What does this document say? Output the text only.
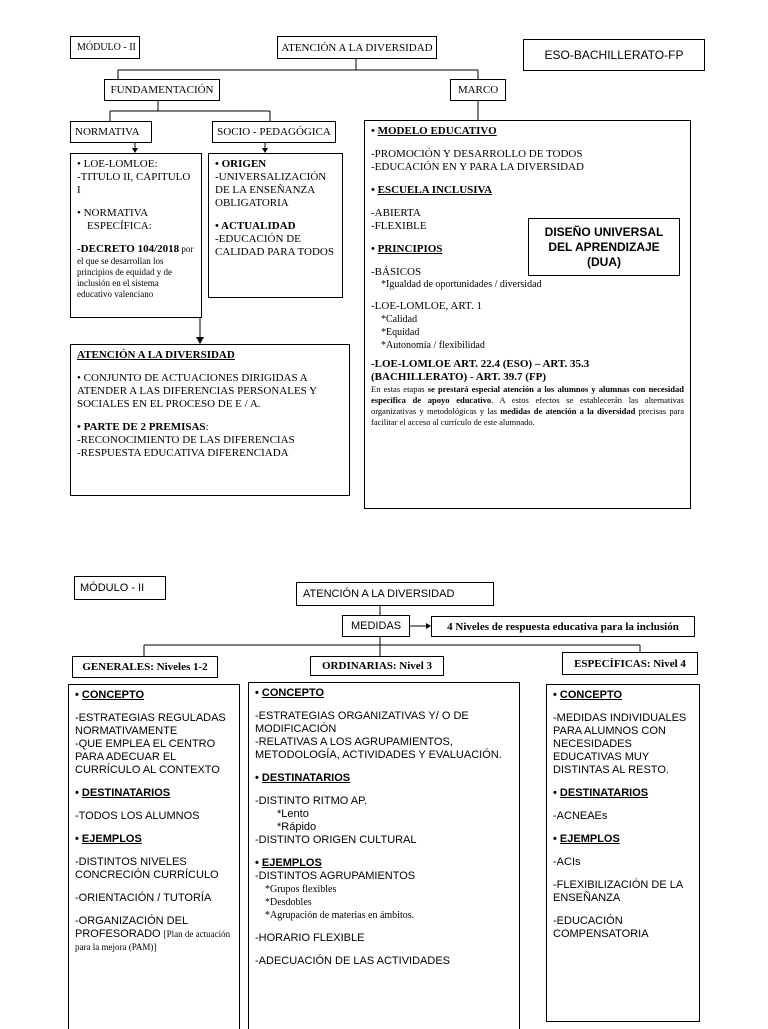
MÓDULO - II	ATENCIÓN A LA DIVERSIDAD	ESO-BACHILLERATO-FP
FUNDAMENTACIÓN	MARCO
NORMATIVA	SOCIO - PEDAGÓGICA
• LOE-LOMLOE:
-TITULO II, CAPITULO I
• NORMATIVA
ESPECÍFICA:
-DECRETO 104/2018 por
el que se desarrollan los principios de equidad y de inclusión en el sistema educativo valenciano
• ORIGEN
-UNIVERSALIZACIÓN DE LA ENSEÑANZA OBLIGATORIA
• ACTUALIDAD
-EDUCACIÓN DE CALIDAD PARA TODOS
ATENCIÓN A LA DIVERSIDAD
• CONJUNTO DE ACTUACIONES DIRIGIDAS A ATENDER A LAS DIFERENCIAS PERSONALES Y SOCIALES EN EL PROCESO DE E / A.
• PARTE DE 2 PREMISAS:
-RECONOCIMIENTO DE LAS DIFERENCIAS
-RESPUESTA EDUCATIVA DIFERENCIADA
• MODELO EDUCATIVO
-PROMOCIÓN Y DESARROLLO DE TODOS
-EDUCACIÓN EN Y PARA LA DIVERSIDAD
• ESCUELA INCLUSIVA
-ABIERTA
-FLEXIBLE
• PRINCIPIOS
-BÁSICOS
*Igualdad de oportunidades / diversidad
-LOE-LOMLOE, ART. 1
*Calidad
*Equidad
*Autonomía / flexibilidad
-LOE-LOMLOE ART. 22.4 (ESO) – ART. 35.3 (BACHILLERATO) - ART. 39.7 (FP)
En estas etapas se prestará especial atención a los alumnos y alumnas con necesidad específica de apoyo educativo. A estos efectos se establecerán las alternativas organizativas y metodológicas y las medidas de atención a la diversidad precisas para facilitar el acceso al currículo de este alumnado.
DISEÑO UNIVERSAL DEL APRENDIZAJE (DUA)
MÓDULO - II	ATENCIÓN A LA DIVERSIDAD
MEDIDAS	4 Niveles de respuesta educativa para la inclusión
GENERALES: Niveles 1-2	ORDINARIAS: Nivel 3	ESPECÍFICAS: Nivel 4
• CONCEPTO
-ESTRATEGIAS REGULADAS NORMATIVAMENTE
-QUE EMPLEA EL CENTRO PARA ADECUAR EL CURRÍCULO AL CONTEXTO
• DESTINATARIOS
-TODOS LOS ALUMNOS
• EJEMPLOS
-DISTINTOS NIVELES CONCRECIÓN CURRÍCULO
-ORIENTACIÓN / TUTORÍA
-ORGANIZACIÓN DEL PROFESORADO [Plan de actuación para la mejora (PAM)]
• CONCEPTO
-ESTRATEGIAS ORGANIZATIVAS Y/ O DE MODIFICACIÓN
-RELATIVAS A LOS AGRUPAMIENTOS, METODOLOGÍA, ACTIVIDADES Y EVALUACIÓN.
• DESTINATARIOS
-DISTINTO RITMO AP.
*Lento
*Rápido
-DISTINTO ORIGEN CULTURAL
• EJEMPLOS
-DISTINTOS AGRUPAMIENTOS
*Grupos flexibles
*Desdobles
*Agrupación de materias en ámbitos.
-HORARIO FLEXIBLE
-ADECUACIÓN DE LAS ACTIVIDADES
• CONCEPTO
-MEDIDAS INDIVIDUALES PARA ALUMNOS CON NECESIDADES EDUCATIVAS MUY DISTINTAS AL RESTO.
• DESTINATARIOS
-ACNEAEs
• EJEMPLOS
-ACIs
-FLEXIBILIZACIÓN DE LA ENSEÑANZA
-EDUCACIÓN COMPENSATORIA
